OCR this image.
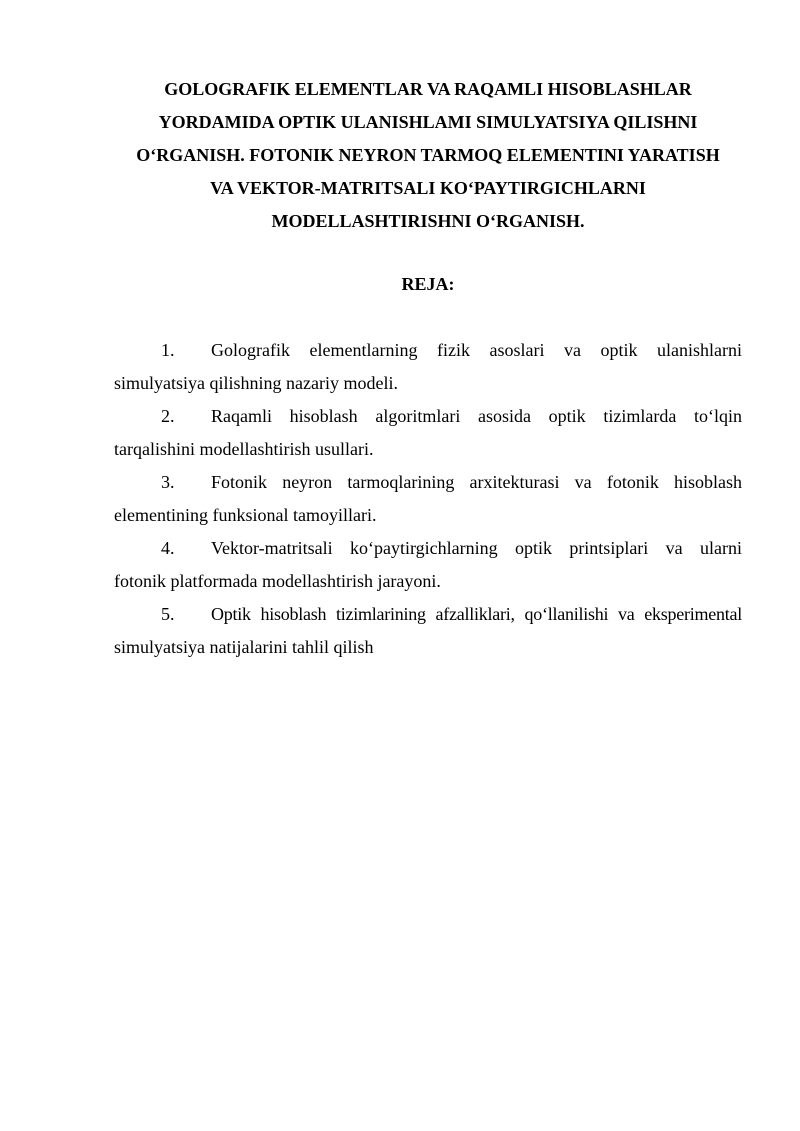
GOLOGRAFIK ELEMENTLAR VA RAQAMLI HISOBLASHLAR
YORDAMIDA OPTIK ULANISHLAMI SIMULYATSIYA QILISHNI
O‘RGANISH. FOTONIK NEYRON TARMOQ ELEMENTINI YARATISH
VA VEKTOR-MATRITSALI KO‘PAYTIRGICHLARNI
MODELLASHTIRISHNI O‘RGANISH.
REJA:
1.	Golografik elementlarning fizik asoslari va optik ulanishlarni
simulyatsiya qilishning nazariy modeli.
2.	Raqamli hisoblash algoritmlari asosida optik tizimlarda to‘lqin
tarqalishini modellashtirish usullari.
3.	Fotonik neyron tarmoqlarining arxitekturasi va fotonik hisoblash
elementining funksional tamoyillari.
4.	Vektor-matritsali ko‘paytirgichlarning optik printsiplari va ularni
fotonik platformada modellashtirish jarayoni.
5.	Optik hisoblash tizimlarining afzalliklari, qo‘llanilishi va eksperimental
simulyatsiya natijalarini tahlil qilish
